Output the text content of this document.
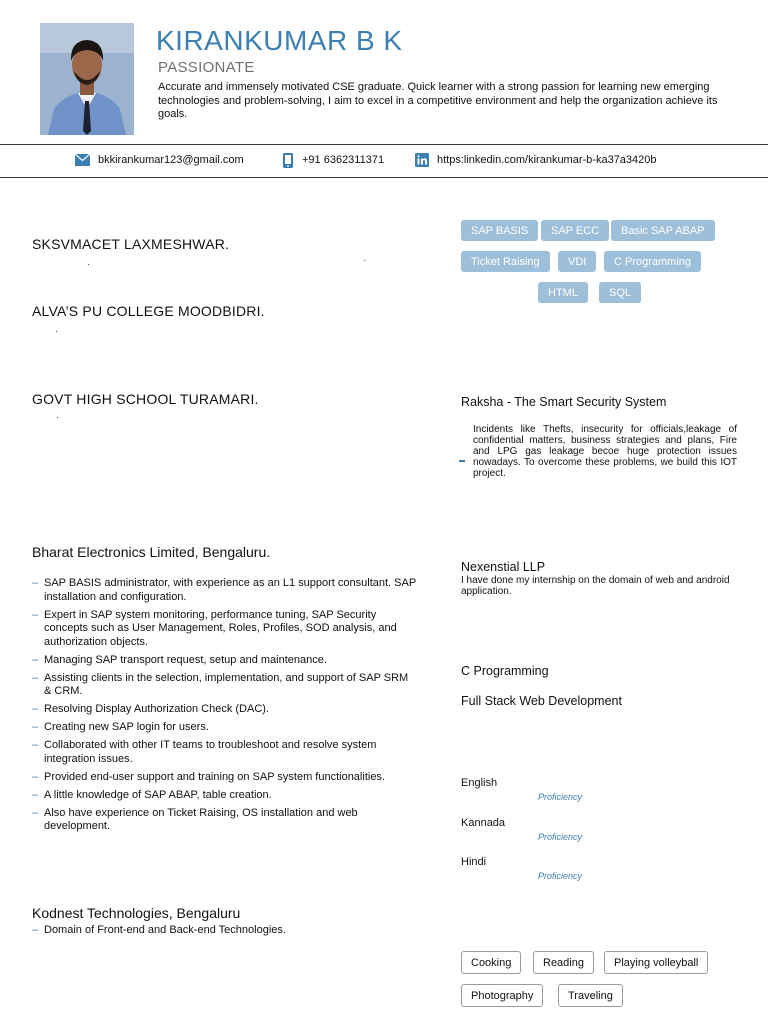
KIRANKUMAR B K
PASSIONATE
Accurate and immensely motivated CSE graduate. Quick learner with a strong passion for learning new emerging technologies and problem-solving, I aim to excel in a competitive environment and help the organization achieve its goals.
bkkirankumar123@gmail.com	+91 6362311371	https:linkedin.com/kirankumar-b-ka37a3420b
SKSVMACET LAXMESHWAR.
.
ALVA’S PU COLLEGE MOODBIDRI.
.
GOVT HIGH SCHOOL TURAMARI.
.
Bharat Electronics Limited, Bengaluru.
– SAP BASIS administrator, with experience as an L1 support consultant. SAP installation and configuration.
– Expert in SAP system monitoring, performance tuning, SAP Security concepts such as User Management, Roles, Profiles, SOD analysis, and authorization objects.
– Managing SAP transport request, setup and maintenance.
– Assisting clients in the selection, implementation, and support of SAP SRM & CRM.
– Resolving Display Authorization Check (DAC).
– Creating new SAP login for users.
– Collaborated with other IT teams to troubleshoot and resolve system integration issues.
– Provided end-user support and training on SAP system functionalities.
– A little knowledge of SAP ABAP, table creation.
– Also have experience on Ticket Raising, OS installation and web development.
Kodnest Technologies, Bengaluru
– Domain of Front-end and Back-end Technologies.
SAP BASIS	SAP ECC	Basic SAP ABAP
Ticket Raising	VDI	C Programming
HTML	SQL
Raksha - The Smart Security System
Incidents like Thefts, insecurity for officials,leakage of confidential matters, business strategies and plans, Fire and LPG gas leakage becoe huge protection issues nowadays. To overcome these problems, we build this IOT project.
Nexenstial LLP
I have done my internship on the domain of web and android application.
C Programming
Full Stack Web Development
English
Proficiency
Kannada
Proficiency
Hindi
Proficiency
Cooking	Reading	Playing volleyball
Photography	Traveling
